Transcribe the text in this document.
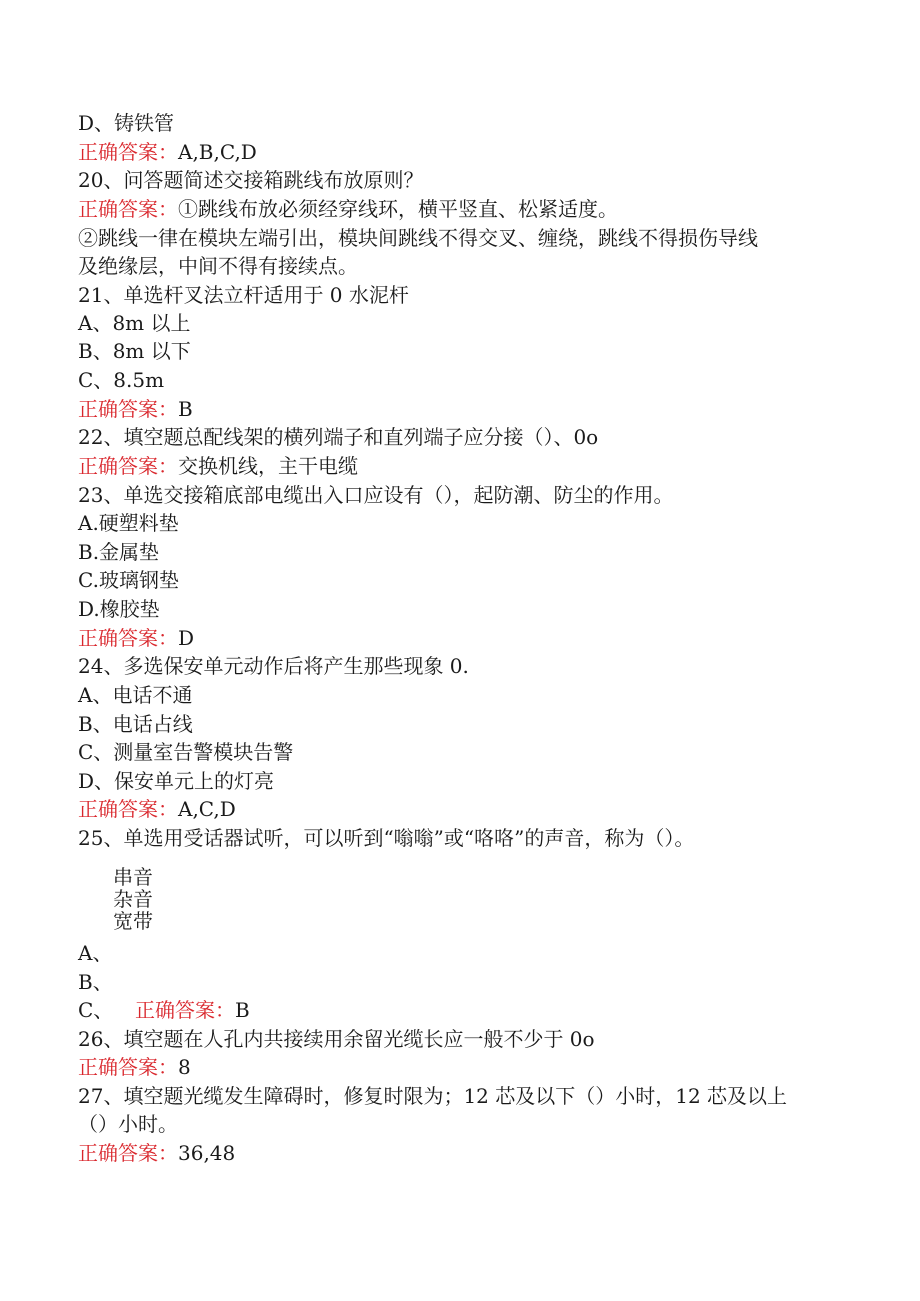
D、铸铁管
正确答案：A,B,C,D
20、问答题简述交接箱跳线布放原则？
正确答案：①跳线布放必须经穿线环，横平竖直、松紧适度。
②跳线一律在模块左端引出，模块间跳线不得交叉、缠绕，跳线不得损伤导线
及绝缘层，中间不得有接续点。
21、单选杆叉法立杆适用于 0 水泥杆
A、8m 以上
B、8m 以下
C、8.5m
正确答案：B
22、填空题总配线架的横列端子和直列端子应分接（）、0o
正确答案：交换机线，主干电缆
23、单选交接箱底部电缆出入口应设有（），起防潮、防尘的作用。
A.硬塑料垫
B.金属垫
C.玻璃钢垫
D.橡胶垫
正确答案：D
24、多选保安单元动作后将产生那些现象 0.
A、电话不通
B、电话占线
C、测量室告警模块告警
D、保安单元上的灯亮
正确答案：A,C,D
25、单选用受话器试听，可以听到“嗡嗡”或“咯咯”的声音，称为（）。
串音
杂音
宽带
A、
B、
C、 正确答案：B
26、填空题在人孔内共接续用余留光缆长应一般不少于 0o
正确答案：8
27、填空题光缆发生障碍时，修复时限为；12 芯及以下（）小时，12 芯及以上
（）小时。
正确答案：36,48
